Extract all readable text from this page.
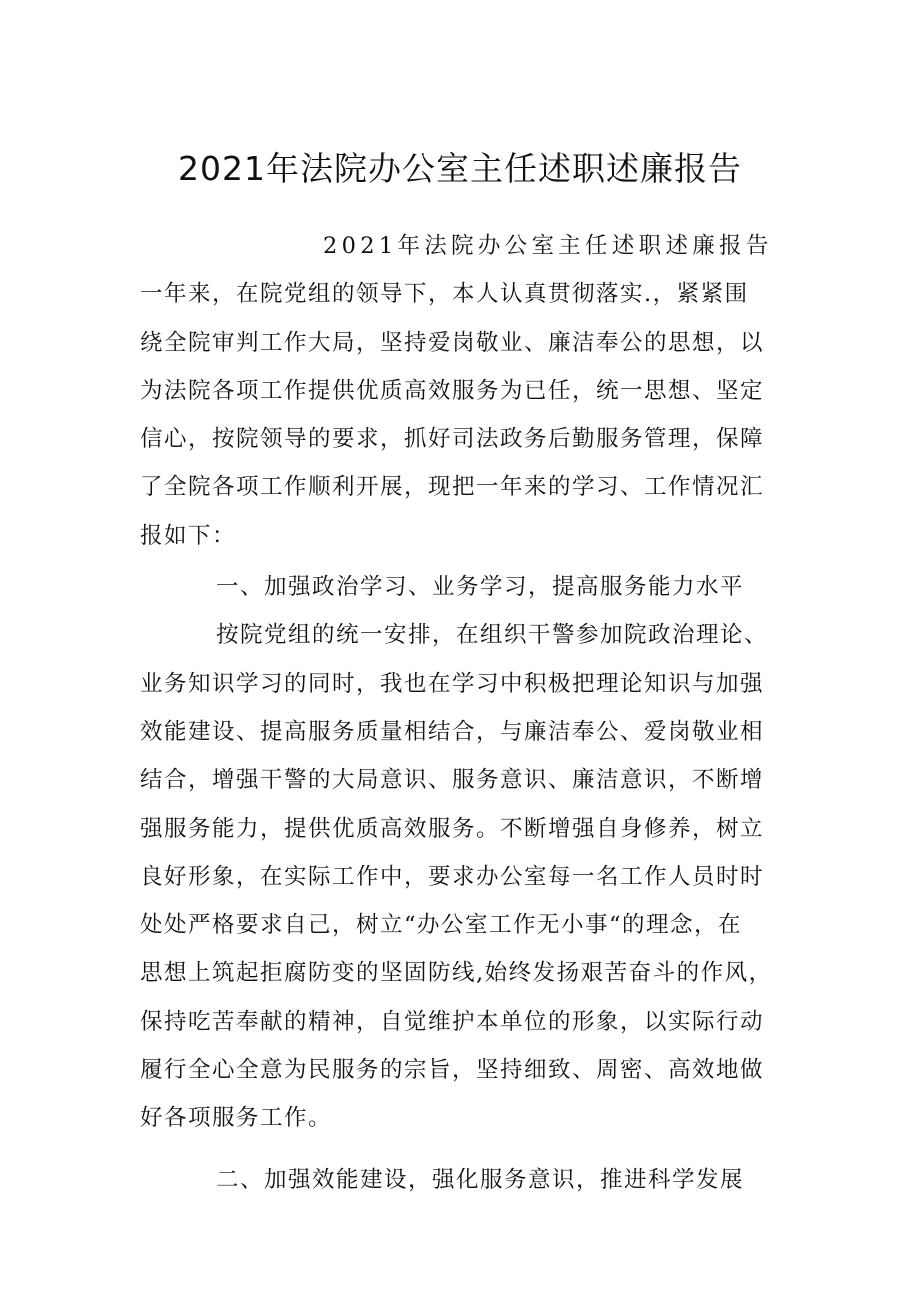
2021年法院办公室主任述职述廉报告
2021年法院办公室主任述职述廉报告
一年来，在院党组的领导下，本人认真贯彻落实.，紧紧围
绕全院审判工作大局，坚持爱岗敬业、廉洁奉公的思想，以
为法院各项工作提供优质高效服务为已任，统一思想、坚定
信心，按院领导的要求，抓好司法政务后勤服务管理，保障
了全院各项工作顺利开展，现把一年来的学习、工作情况汇
报如下：
一、加强政治学习、业务学习，提高服务能力水平
按院党组的统一安排，在组织干警参加院政治理论、
业务知识学习的同时，我也在学习中积极把理论知识与加强
效能建设、提高服务质量相结合，与廉洁奉公、爱岗敬业相
结合，增强干警的大局意识、服务意识、廉洁意识，不断增
强服务能力，提供优质高效服务。不断增强自身修养，树立
良好形象，在实际工作中，要求办公室每一名工作人员时时
处处严格要求自己，树立“办公室工作无小事“的理念，在
思想上筑起拒腐防变的坚固防线,始终发扬艰苦奋斗的作风，
保持吃苦奉献的精神，自觉维护本单位的形象，以实际行动
履行全心全意为民服务的宗旨，坚持细致、周密、高效地做
好各项服务工作。
二、加强效能建设，强化服务意识，推进科学发展
